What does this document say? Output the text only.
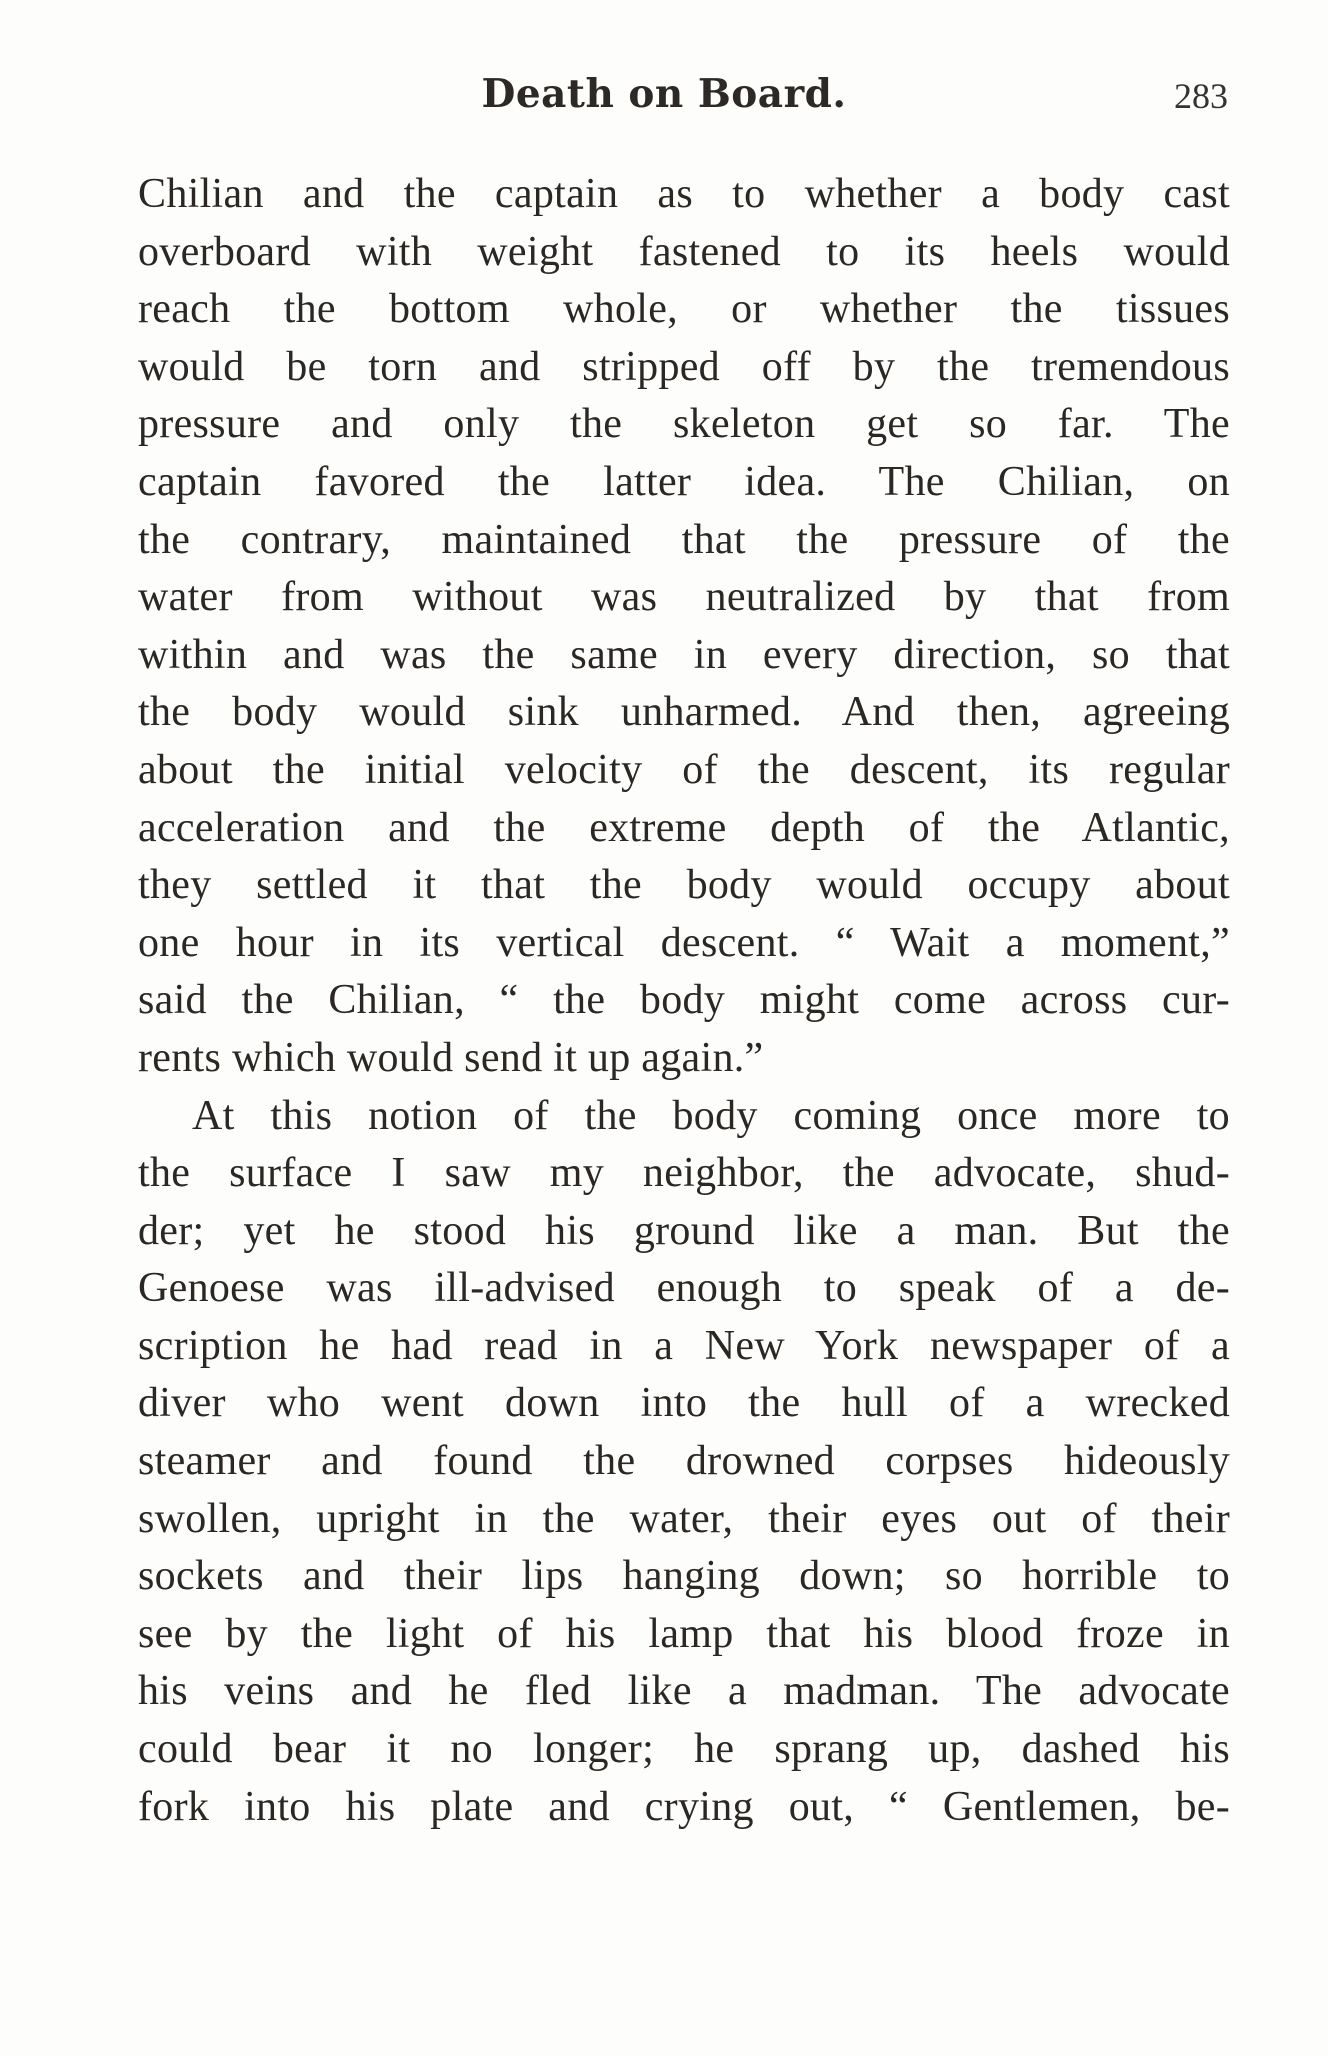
Death on Board.	283
Chilian and the captain as to whether a body cast
overboard with weight fastened to its heels would
reach the bottom whole, or whether the tissues
would be torn and stripped off by the tremendous
pressure and only the skeleton get so far. The
captain favored the latter idea. The Chilian, on
the contrary, maintained that the pressure of the
water from without was neutralized by that from
within and was the same in every direction, so that
the body would sink unharmed. And then, agreeing
about the initial velocity of the descent, its regular
acceleration and the extreme depth of the Atlantic,
they settled it that the body would occupy about
one hour in its vertical descent. “ Wait a moment,”
said the Chilian, “ the body might come across cur-
rents which would send it up again.”
At this notion of the body coming once more to
the surface I saw my neighbor, the advocate, shud-
der; yet he stood his ground like a man. But the
Genoese was ill-advised enough to speak of a de-
scription he had read in a New York newspaper of a
diver who went down into the hull of a wrecked
steamer and found the drowned corpses hideously
swollen, upright in the water, their eyes out of their
sockets and their lips hanging down; so horrible to
see by the light of his lamp that his blood froze in
his veins and he fled like a madman. The advocate
could bear it no longer; he sprang up, dashed his
fork into his plate and crying out, “ Gentlemen, be-
